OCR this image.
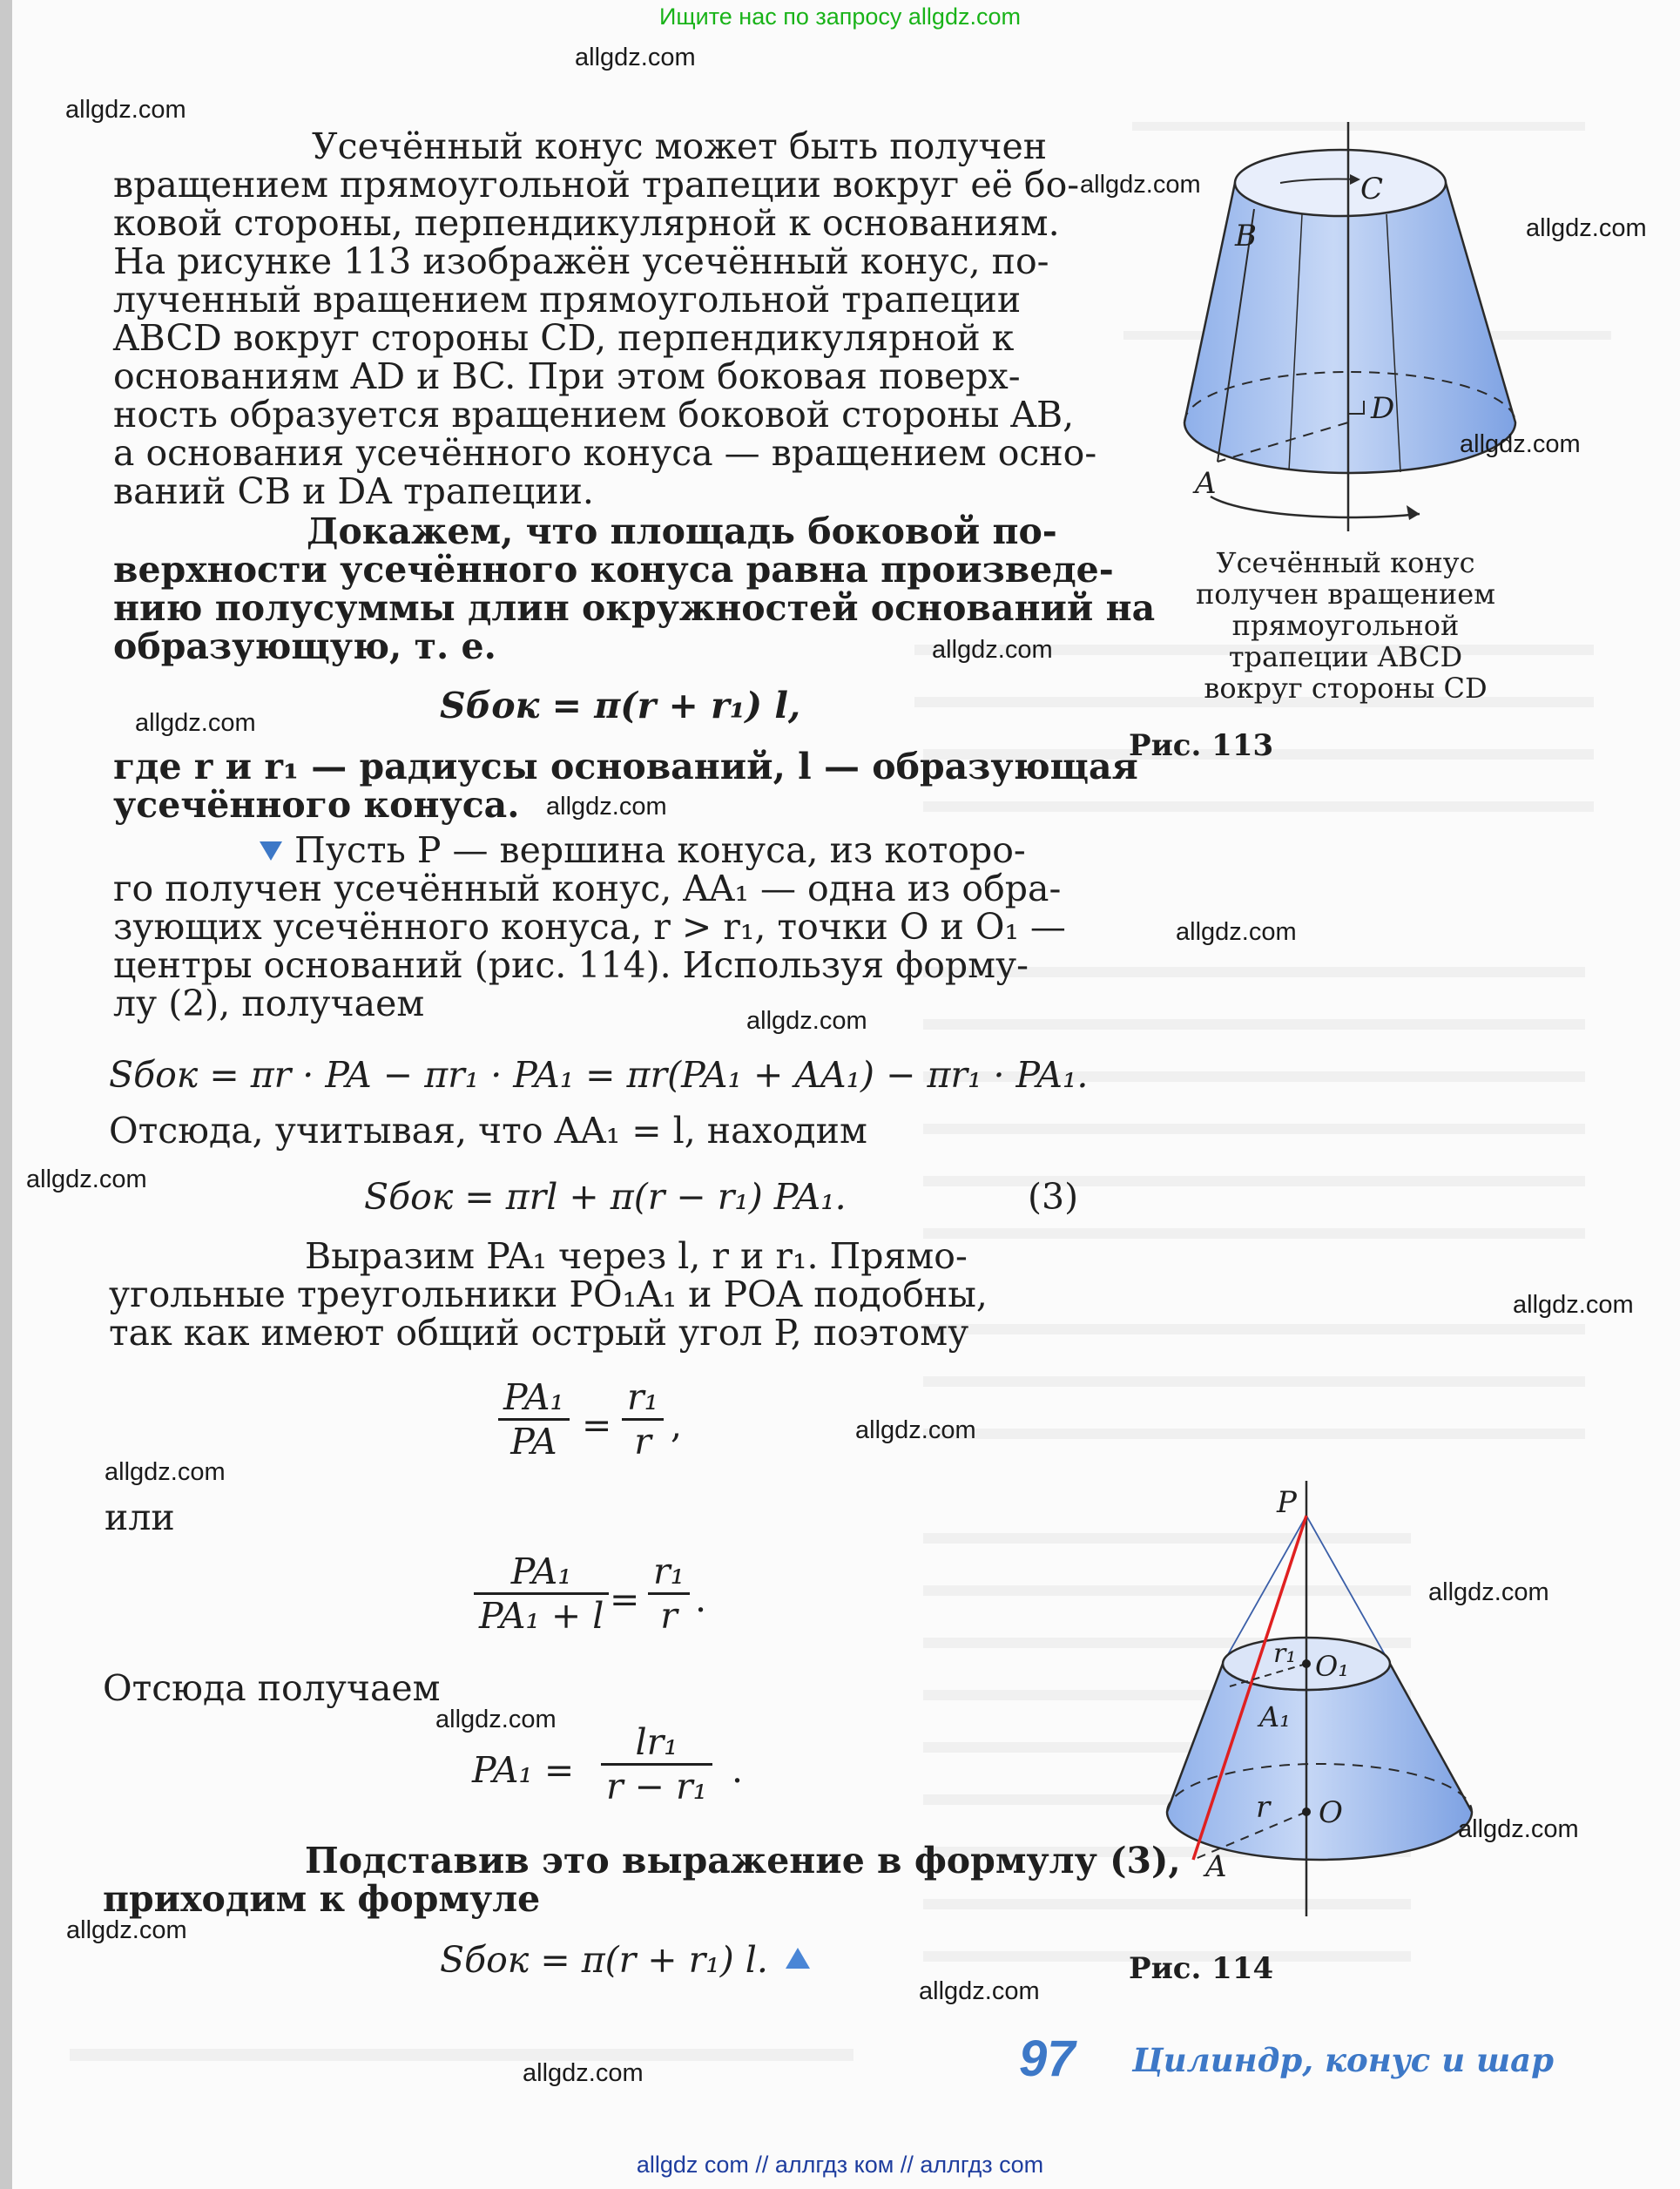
Ищите нас по запросу allgdz.com
allgdz com // аллгдз ком // аллгдз com
Усечённый конус может быть получен
вращением прямоугольной трапеции вокруг её бо-
ковой стороны, перпендикулярной к основаниям.
На рисунке 113 изображён усечённый конус, по-
лученный вращением прямоугольной трапеции
ABCD вокруг стороны CD, перпендикулярной к
основаниям AD и BC. При этом боковая поверх-
ность образуется вращением боковой стороны AB,
а основания усечённого конуса — вращением осно-
ваний CB и DA трапеции.
Докажем, что площадь боковой по-
верхности усечённого конуса равна произведе-
нию полусуммы длин окружностей оснований на
образующую, т. е.
Sбок = π(r + r₁) l,
где r и r₁ — радиусы оснований, l — образующая
усечённого конуса.
Пусть P — вершина конуса, из которо-
го получен усечённый конус, AA₁ — одна из обра-
зующих усечённого конуса, r > r₁, точки O и O₁ —
центры оснований (рис. 114). Используя форму-
лу (2), получаем
Sбок = πr · PA − πr₁ · PA₁ = πr(PA₁ + AA₁) − πr₁ · PA₁.
Отсюда, учитывая, что AA₁ = l, находим
Sбок = πrl + π(r − r₁) PA₁.	(3)
Выразим PA₁ через l, r и r₁. Прямо-
угольные треугольники PO₁A₁ и POA подобны,
так как имеют общий острый угол P, поэтому
$\frac{\text{PA₁}}{PA} = \frac{\text{r₁}}{r}$ ,
или
$\frac{\text{PA₁}}{\text{PA₁ + l}} = \frac{\text{r₁}}{r}$ .
Отсюда получаем
$PA_1 = \frac{\text{lr₁}}{\text{r − r₁}}$ .
Подставив это выражение в формулу (3),
приходим к формуле
Sбок = π(r + r₁) l.
C
B
D
A
Усечённый конус
получен вращением
прямоугольной
трапеции ABCD
вокруг стороны CD
Рис. 113
P
r₁ O₁
A₁
r O
A
Рис. 114
97 Цилиндр, конус и шар
allgdz.com
allgdz.com
allgdz.com
allgdz.com
allgdz.com
allgdz.com
allgdz.com
allgdz.com
allgdz.com
allgdz.com
allgdz.com
allgdz.com
allgdz.com
allgdz.com
allgdz.com
allgdz.com
allgdz.com
allgdz.com
allgdz.com
allgdz.com
